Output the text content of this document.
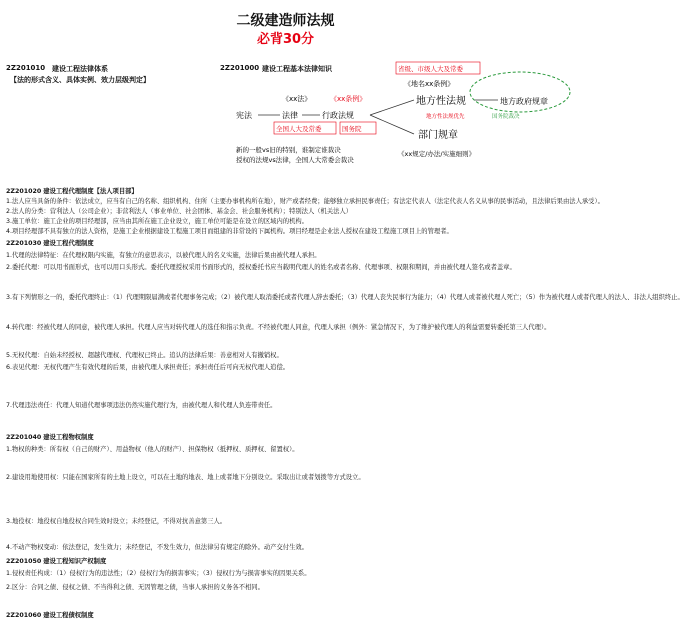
二级建造师法规
必背30分
2Z201010 建设工程法律体系
【法的形式含义、具体实例、效力层级判定】
2Z201000 建设工程基本法律知识
宪法	法律	行政法规
《xx法》	《xx条例》
全国人大及常委	国务院
地方性法规
部门规章
地方政府规章
省级、市级人大及常委
《地名xx条例》
地方性法规优先	国务院裁决
新的一般vs旧的特别，谁制定谁裁决
授权的法规vs法律，全国人大常委会裁决
《xx规定/办法/实施细则》
2Z201020 建设工程代理制度【法人项目部】
1.法人应当具备的条件：依法成立，应当有自己的名称、组织机构、住所（主要办事机构所在地），财产或者经费；能够独立承担民事责任；有法定代表人（法定代表人名义从事的民事活动，且法律后果由法人承受）。
2.法人的分类：营利法人（公司企业）；非营利法人（事业单位、社会团体、基金会、社会服务机构）；特别法人（机关法人）
3.施工单位：施工企业的项目经理部，应当由其所在施工企业设立，施工单位可能是在设立的区域内的机构。
4.项目经理部不具有独立的法人资格，是施工企业根据建设工程施工项目而组建的非常设的下属机构。项目经理是企业法人授权在建设工程施工项目上的管理者。
2Z201030 建设工程代理制度
1.代理的法律特征：在代理权限内实施，有独立的意思表示，以被代理人的名义实施，法律后果由被代理人承担。
2.委托代理：可以用书面形式，也可以用口头形式。委托代理授权采用书面形式的，授权委托书应当载明代理人的姓名或者名称、代理事项、权限和期间，并由被代理人签名或者盖章。
3.有下列情形之一的，委托代理终止：（1）代理期限届满或者代理事务完成；（2）被代理人取消委托或者代理人辞去委托；（3）代理人丧失民事行为能力；（4）代理人或者被代理人死亡；（5）作为被代理人或者代理人的法人、非法人组织终止。
4.转代理：经被代理人的同意，被代理人承担。代理人应当对转代理人的选任和指示负责。不经被代理人同意，代理人承担（例外：紧急情况下，为了维护被代理人的利益需要转委托第三人代理）。
5.无权代理：自始未经授权、超越代理权、代理权已终止。追认的法律后果：善意相对人有撤销权。
6.表见代理：无权代理产生有效代理的后果，由被代理人承担责任；承担责任后可向无权代理人追偿。
7.代理违法责任：代理人知道代理事项违法仍然实施代理行为，由被代理人和代理人负连带责任。
2Z201040 建设工程物权制度
1.物权的种类：所有权（自己的财产）、用益物权（他人的财产）、担保物权（抵押权、质押权、留置权）。
2.建设用地使用权：只能在国家所有的土地上设立，可以在土地的地表、地上或者地下分别设立。采取出让或者划拨等方式设立。
3.地役权：地役权自地役权合同生效时设立；未经登记，不得对抗善意第三人。
4.不动产物权变动：依法登记，发生效力；未经登记，不发生效力，但法律另有规定的除外。动产交付生效。
2Z201050 建设工程知识产权制度
1.侵权责任构成：（1）侵权行为的违法性；（2）侵权行为的损害事实；（3）侵权行为与损害事实的因果关系。
2.区分：合同之债、侵权之债、不当得利之债、无因管理之债，当事人承担的义务各不相同。
2Z201060 建设工程债权制度
